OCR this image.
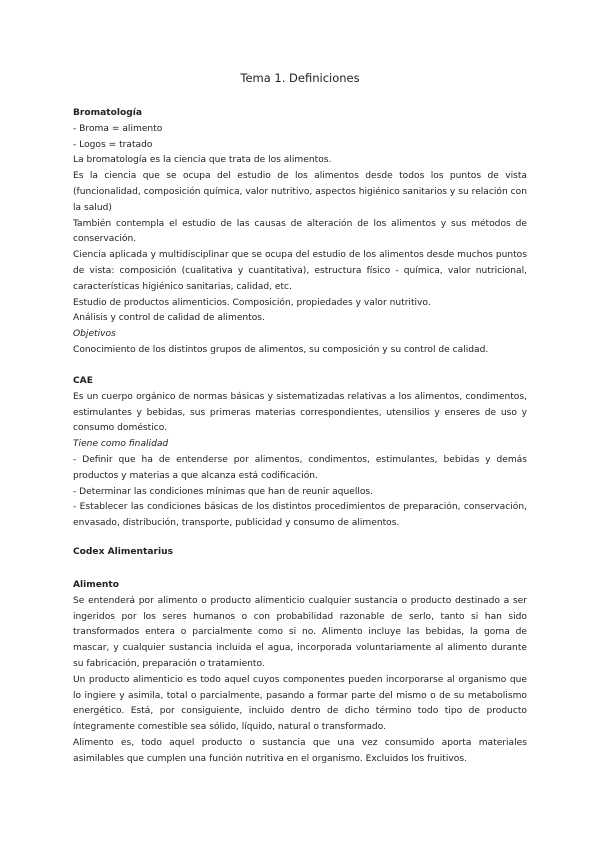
Tema 1. Definiciones

Bromatología

- Broma = alimento

- Logos = tratado

La bromatología es la ciencia que trata de los alimentos.

Es la ciencia que se ocupa del estudio de los alimentos desde todos los puntos de vista (funcionalidad, composición química, valor nutritivo, aspectos higiénico sanitarios y su relación con la salud)

También contempla el estudio de las causas de alteración de los alimentos y sus métodos de conservación.

Ciencia aplicada y multidisciplinar que se ocupa del estudio de los alimentos desde muchos puntos de vista: composición (cualitativa y cuantitativa), estructura físico - química, valor nutricional, características higiénico sanitarias, calidad, etc.

Estudio de productos alimenticios. Composición, propiedades y valor nutritivo.

Análisis y control de calidad de alimentos.

Objetivos

Conocimiento de los distintos grupos de alimentos, su composición y su control de calidad.

CAE

Es un cuerpo orgánico de normas básicas y sistematizadas relativas a los alimentos, condimentos, estimulantes y bebidas, sus primeras materias correspondientes, utensilios y enseres de uso y consumo doméstico.

Tiene como finalidad

- Definir que ha de entenderse por alimentos, condimentos, estimulantes, bebidas y demás productos y materias a que alcanza está codificación.

- Determinar las condiciones mínimas que han de reunir aquellos.

- Establecer las condiciones básicas de los distintos procedimientos de preparación, conservación, envasado, distribución, transporte, publicidad y consumo de alimentos.

Codex Alimentarius

Alimento

Se entenderá por alimento o producto alimenticio cualquier sustancia o producto destinado a ser ingeridos por los seres humanos o con probabilidad razonable de serlo, tanto si han sido transformados entera o parcialmente como si no. Alimento incluye las bebidas, la goma de mascar, y cualquier sustancia incluida el agua, incorporada voluntariamente al alimento durante su fabricación, preparación o tratamiento.

Un producto alimenticio es todo aquel cuyos componentes pueden incorporarse al organismo que lo ingiere y asimila, total o parcialmente, pasando a formar parte del mismo o de su metabolismo energético. Está, por consiguiente, incluido dentro de dicho término todo tipo de producto íntegramente comestible sea sólido, líquido, natural o transformado.

Alimento es, todo aquel producto o sustancia que una vez consumido aporta materiales asimilables que cumplen una función nutritiva en el organismo. Excluidos los fruitivos.
